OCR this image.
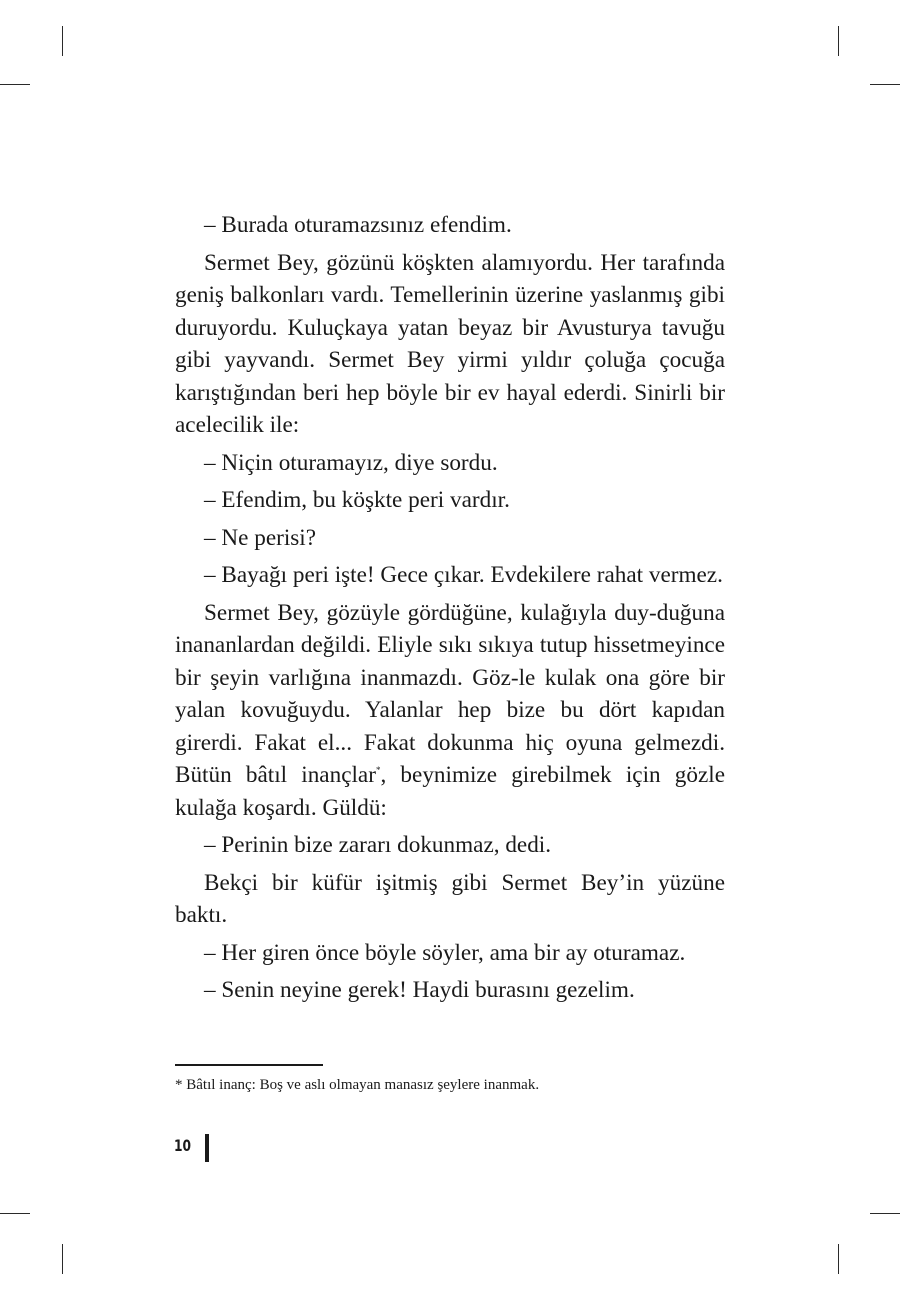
– Burada oturamazsınız efendim.

Sermet Bey, gözünü köşkten alamıyordu. Her tarafında geniş balkonları vardı. Temellerinin üzerine yaslanmış gibi duruyordu. Kuluçkaya yatan beyaz bir Avusturya tavuğu gibi yayvandı. Sermet Bey yirmi yıldır çoluğa çocuğa karıştığından beri hep böyle bir ev hayal ederdi. Sinirli bir acelecilik ile:

– Niçin oturamayız, diye sordu.

– Efendim, bu köşkte peri vardır.

– Ne perisi?

– Bayağı peri işte! Gece çıkar. Evdekilere rahat vermez.

Sermet Bey, gözüyle gördüğüne, kulağıyla duy-duğuna inananlardan değildi. Eliyle sıkı sıkıya tutup hissetmeyince bir şeyin varlığına inanmazdı. Göz-le kulak ona göre bir yalan kovuğuydu. Yalanlar hep bize bu dört kapıdan girerdi. Fakat el... Fakat dokunma hiç oyuna gelmezdi. Bütün bâtıl inançlar*, beynimize girebilmek için gözle kulağa koşardı. Güldü:

– Perinin bize zararı dokunmaz, dedi.

Bekçi bir küfür işitmiş gibi Sermet Bey’in yüzüne baktı.

– Her giren önce böyle söyler, ama bir ay oturamaz.

– Senin neyine gerek! Haydi burasını gezelim.

* Bâtıl inanç: Boş ve aslı olmayan manasız şeylere inanmak.
10
